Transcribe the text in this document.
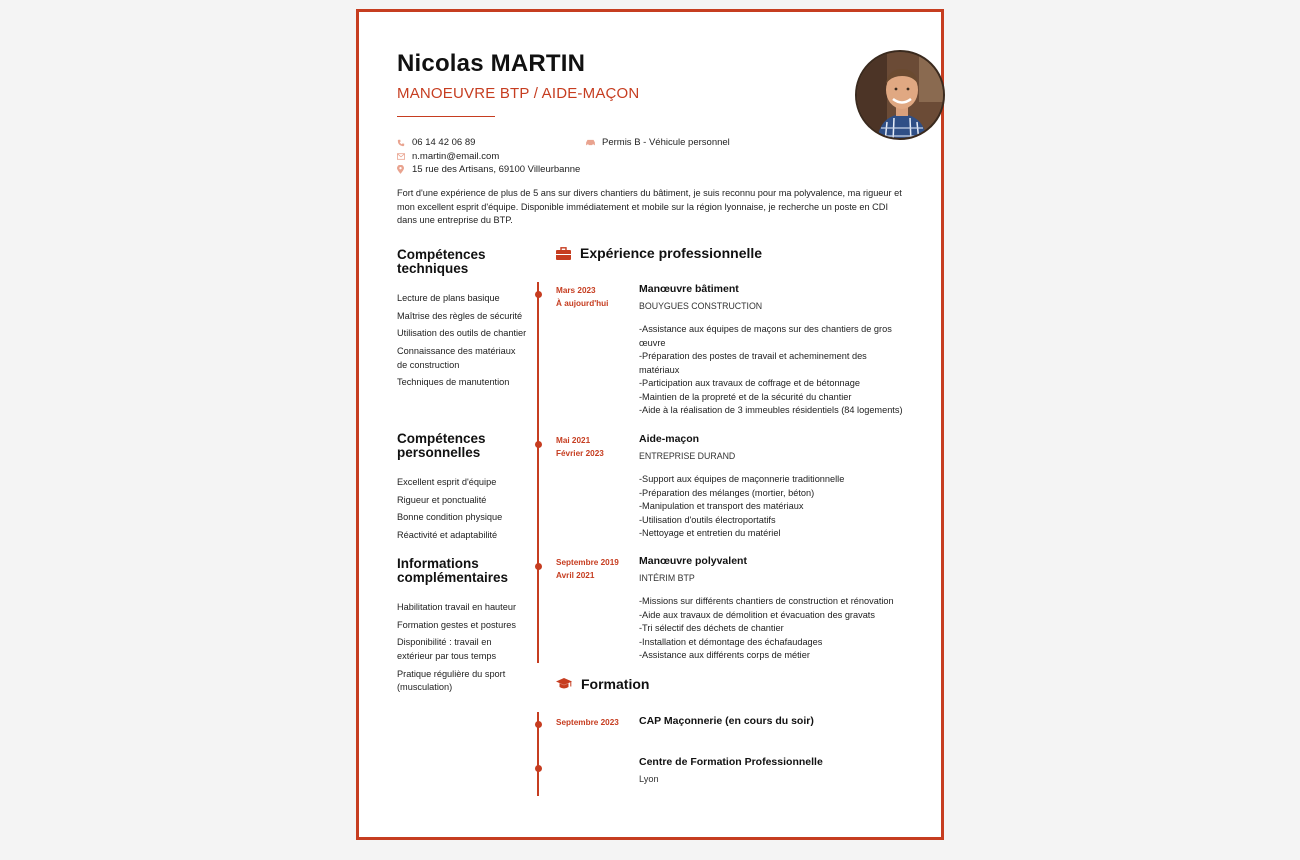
Nicolas MARTIN
MANOEUVRE BTP / AIDE-MAÇON
06 14 42 06 89
n.martin@email.com
15 rue des Artisans, 69100 Villeurbanne
Permis B - Véhicule personnel

Fort d'une expérience de plus de 5 ans sur divers chantiers du bâtiment, je suis reconnu pour ma polyvalence, ma rigueur et mon excellent esprit d'équipe. Disponible immédiatement et mobile sur la région lyonnaise, je recherche un poste en CDI dans une entreprise du BTP.

Compétences techniques
Lecture de plans basique
Maîtrise des règles de sécurité
Utilisation des outils de chantier
Connaissance des matériaux de construction
Techniques de manutention
Compétences personnelles
Excellent esprit d'équipe
Rigueur et ponctualité
Bonne condition physique
Réactivité et adaptabilité
Informations complémentaires
Habilitation travail en hauteur
Formation gestes et postures
Disponibilité : travail en extérieur par tous temps
Pratique régulière du sport (musculation)
Expérience professionnelle
Mars 2023
À aujourd'hui
Manœuvre bâtiment
BOUYGUES CONSTRUCTION
-Assistance aux équipes de maçons sur des chantiers de gros œuvre
-Préparation des postes de travail et acheminement des matériaux
-Participation aux travaux de coffrage et de bétonnage
-Maintien de la propreté et de la sécurité du chantier
-Aide à la réalisation de 3 immeubles résidentiels (84 logements)
Mai 2021
Février 2023
Aide-maçon
ENTREPRISE DURAND
-Support aux équipes de maçonnerie traditionnelle
-Préparation des mélanges (mortier, béton)
-Manipulation et transport des matériaux
-Utilisation d'outils électroportatifs
-Nettoyage et entretien du matériel
Septembre 2019
Avril 2021
Manœuvre polyvalent
INTÉRIM BTP
-Missions sur différents chantiers de construction et rénovation
-Aide aux travaux de démolition et évacuation des gravats
-Tri sélectif des déchets de chantier
-Installation et démontage des échafaudages
-Assistance aux différents corps de métier
Formation
Septembre 2023 CAP Maçonnerie (en cours du soir)
Centre de Formation Professionnelle
Lyon
